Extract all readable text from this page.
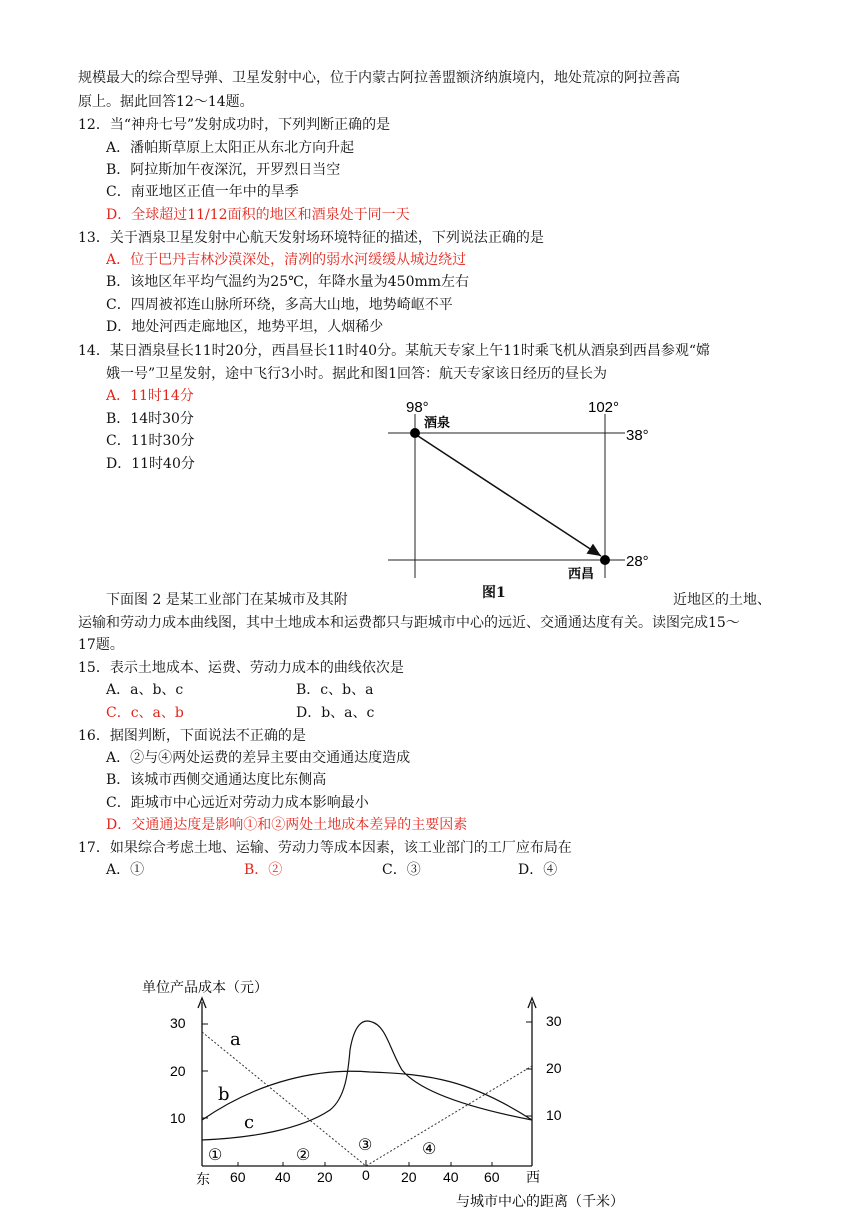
规模最大的综合型导弹、卫星发射中心，位于内蒙古阿拉善盟额济纳旗境内，地处荒凉的阿拉善高
原上。据此回答12～14题。
12．当“神舟七号”发射成功时，下列判断正确的是
A．潘帕斯草原上太阳正从东北方向升起
B．阿拉斯加午夜深沉，开罗烈日当空
C．南亚地区正值一年中的旱季
D．全球超过11/12面积的地区和酒泉处于同一天
13．关于酒泉卫星发射中心航天发射场环境特征的描述，下列说法正确的是
A．位于巴丹吉林沙漠深处，清冽的弱水河缓缓从城边绕过
B．该地区年平均气温约为25℃，年降水量为450mm左右
C．四周被祁连山脉所环绕，多高大山地，地势崎岖不平
D．地处河西走廊地区，地势平坦，人烟稀少
14．某日酒泉昼长11时20分，西昌昼长11时40分。某航天专家上午11时乘飞机从酒泉到西昌参观“嫦
娥一号”卫星发射，途中飞行3小时。据此和图1回答：航天专家该日经历的昼长为
A．11时14分
B．14时30分
C．11时30分
D．11时40分
98°	102°
38°
28°
酒泉
西昌
图1
下面图 2 是某工业部门在某城市及其附	近地区的土地、
运输和劳动力成本曲线图，其中土地成本和运费都只与距城市中心的远近、交通通达度有关。读图完成15～
17题。
15．表示土地成本、运费、劳动力成本的曲线依次是
A．a、b、c	B．c、b、a
C．c、a、b	D．b、a、c
16．据图判断，下面说法不正确的是
A．②与④两处运费的差异主要由交通通达度造成
B．该城市西侧交通通达度比东侧高
C．距城市中心远近对劳动力成本影响最小
D．交通通达度是影响①和②两处土地成本差异的主要因素
17．如果综合考虑土地、运输、劳动力等成本因素，该工业部门的工厂应布局在
A．①	B．②	C．③	D．④
单位产品成本（元）
30
20
10
30
20
10
a
b
c
①	②
③	④
东 60 40 20 0 20 40 60 西
与城市中心的距离（千米）
